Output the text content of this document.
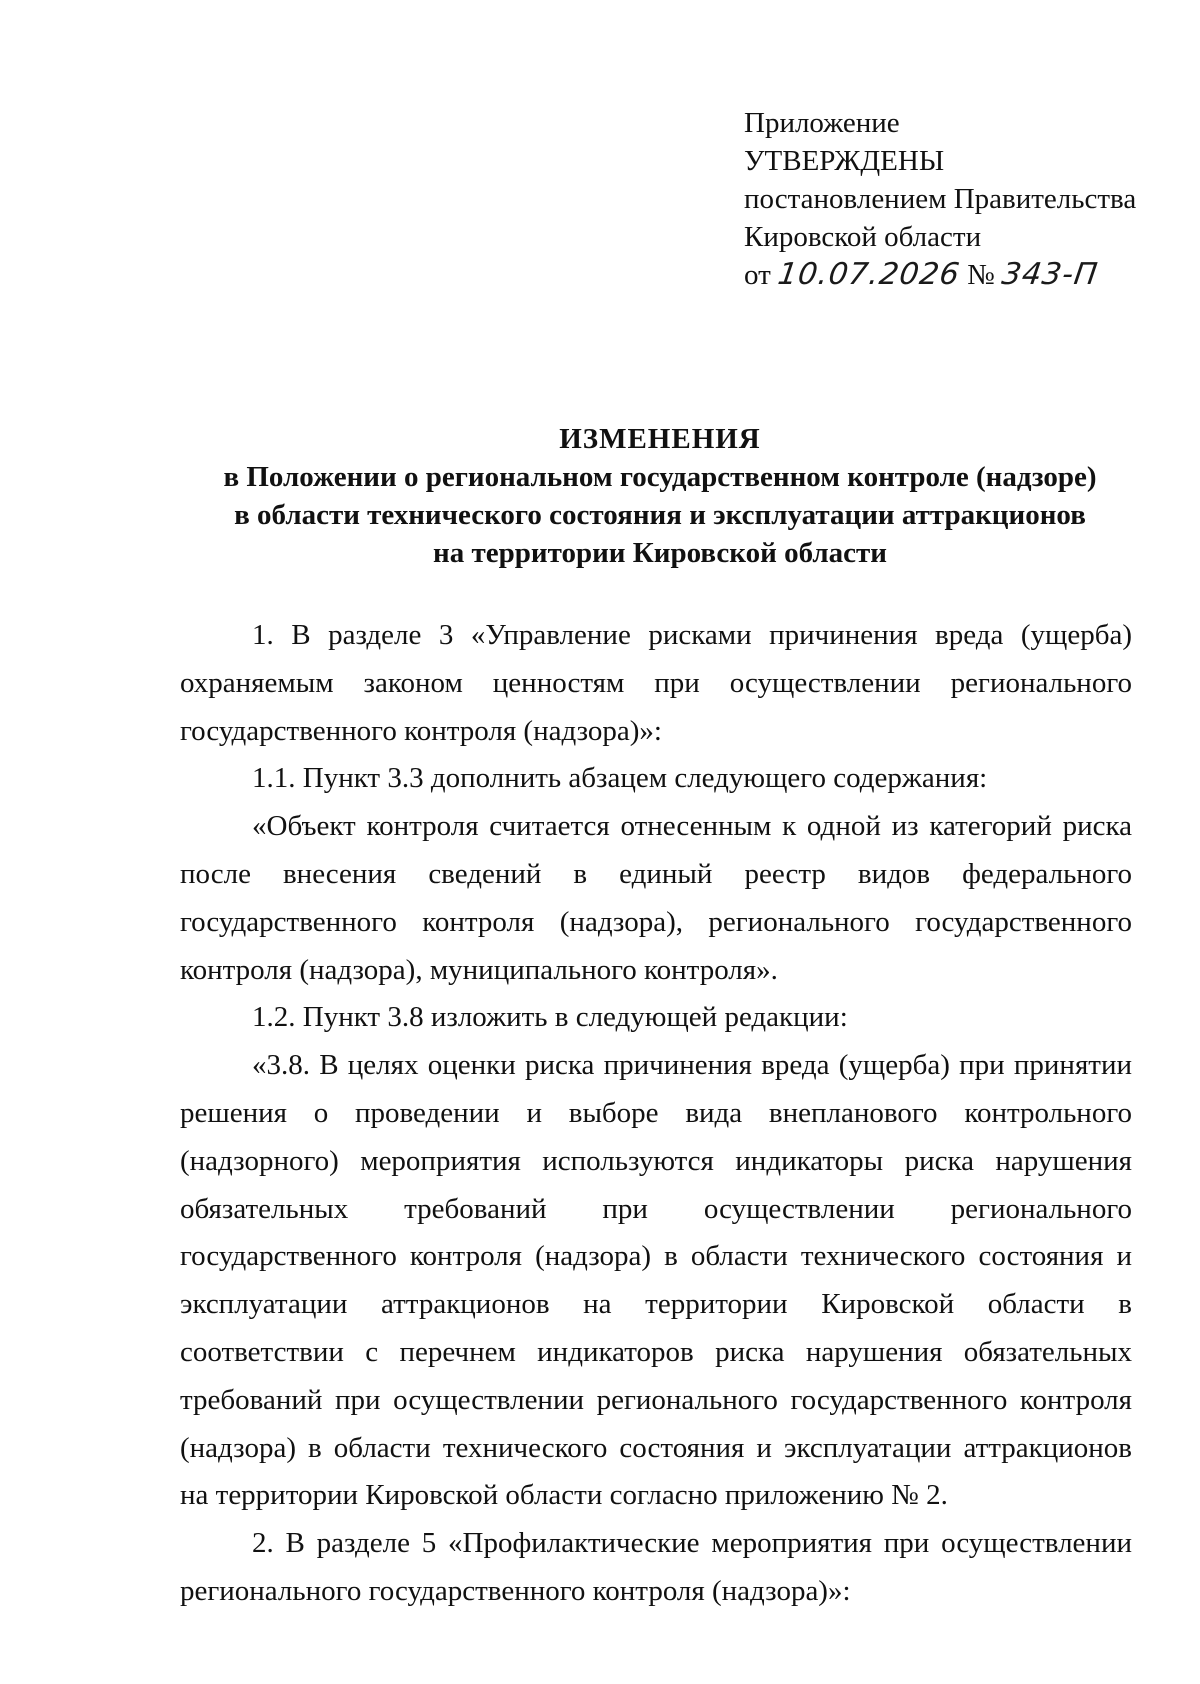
Приложение

УТВЕРЖДЕНЫ

постановлением Правительства

Кировской области

от 10.07.2026 № 343-П

ИЗМЕНЕНИЯ
в Положении о региональном государственном контроле (надзоре)
в области технического состояния и эксплуатации аттракционов
на территории Кировской области

1. В разделе 3 «Управление рисками причинения вреда (ущерба) охраняемым законом ценностям при осуществлении регионального государственного контроля (надзора)»:

1.1. Пункт 3.3 дополнить абзацем следующего содержания:

«Объект контроля считается отнесенным к одной из категорий риска после внесения сведений в единый реестр видов федерального государственного контроля (надзора), регионального государственного контроля (надзора), муниципального контроля».

1.2. Пункт 3.8 изложить в следующей редакции:

«3.8. В целях оценки риска причинения вреда (ущерба) при принятии решения о проведении и выборе вида внепланового контрольного (надзорного) мероприятия используются индикаторы риска нарушения обязательных требований при осуществлении регионального государственного контроля (надзора) в области технического состояния и эксплуатации аттракционов на территории Кировской области в соответствии с перечнем индикаторов риска нарушения обязательных требований при осуществлении регионального государственного контроля (надзора) в области технического состояния и эксплуатации аттракционов на территории Кировской области согласно приложению № 2.

2. В разделе 5 «Профилактические мероприятия при осуществлении регионального государственного контроля (надзора)»:
